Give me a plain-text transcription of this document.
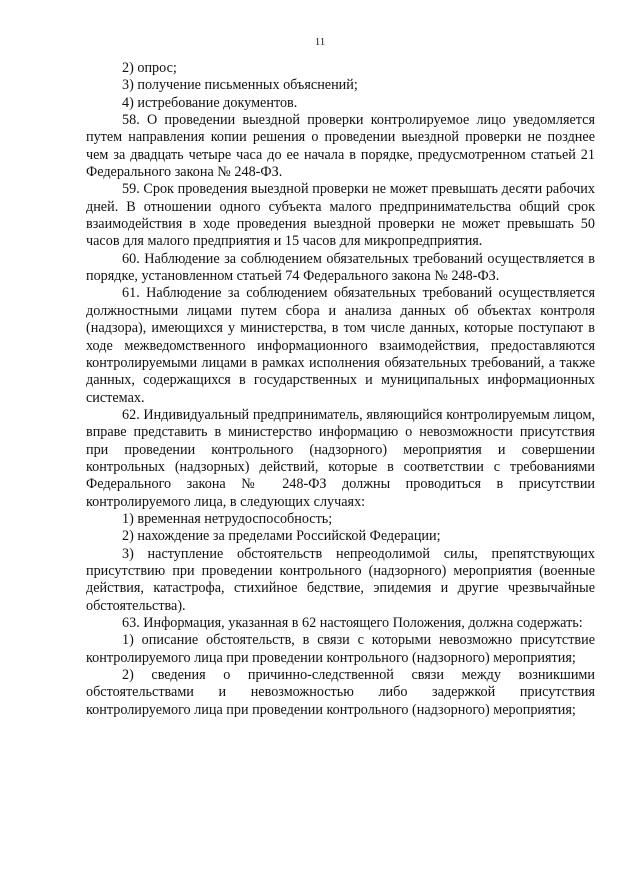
11

2) опрос;

3) получение письменных объяснений;

4) истребование документов.

58. О проведении выездной проверки контролируемое лицо уведомляется путем направления копии решения о проведении выездной проверки не позднее чем за двадцать четыре часа до ее начала в порядке, предусмотренном статьей 21 Федерального закона № 248-ФЗ.

59. Срок проведения выездной проверки не может превышать десяти рабочих дней. В отношении одного субъекта малого предпринимательства общий срок взаимодействия в ходе проведения выездной проверки не может превышать 50 часов для малого предприятия и 15 часов для микропредприятия.

60. Наблюдение за соблюдением обязательных требований осуществляется в порядке, установленном статьей 74 Федерального закона № 248-ФЗ.

61. Наблюдение за соблюдением обязательных требований осуществляется должностными лицами путем сбора и анализа данных об объектах контроля (надзора), имеющихся у министерства, в том числе данных, которые поступают в ходе межведомственного информационного взаимодействия, предоставляются контролируемыми лицами в рамках исполнения обязательных требований, а также данных, содержащихся в государственных и муниципальных информационных системах.

62. Индивидуальный предприниматель, являющийся контролируемым лицом, вправе представить в министерство информацию о невозможности присутствия при проведении контрольного (надзорного) мероприятия и совершении контрольных (надзорных) действий, которые в соответствии с требованиями Федерального закона № 248-ФЗ должны проводиться в присутствии контролируемого лица, в следующих случаях:

1) временная нетрудоспособность;

2) нахождение за пределами Российской Федерации;

3) наступление обстоятельств непреодолимой силы, препятствующих присутствию при проведении контрольного (надзорного) мероприятия (военные действия, катастрофа, стихийное бедствие, эпидемия и другие чрезвычайные обстоятельства).

63. Информация, указанная в 62 настоящего Положения, должна содержать:

1) описание обстоятельств, в связи с которыми невозможно присутствие контролируемого лица при проведении контрольного (надзорного) мероприятия;

2) сведения о причинно-следственной связи между возникшими обстоятельствами и невозможностью либо задержкой присутствия контролируемого лица при проведении контрольного (надзорного) мероприятия;
